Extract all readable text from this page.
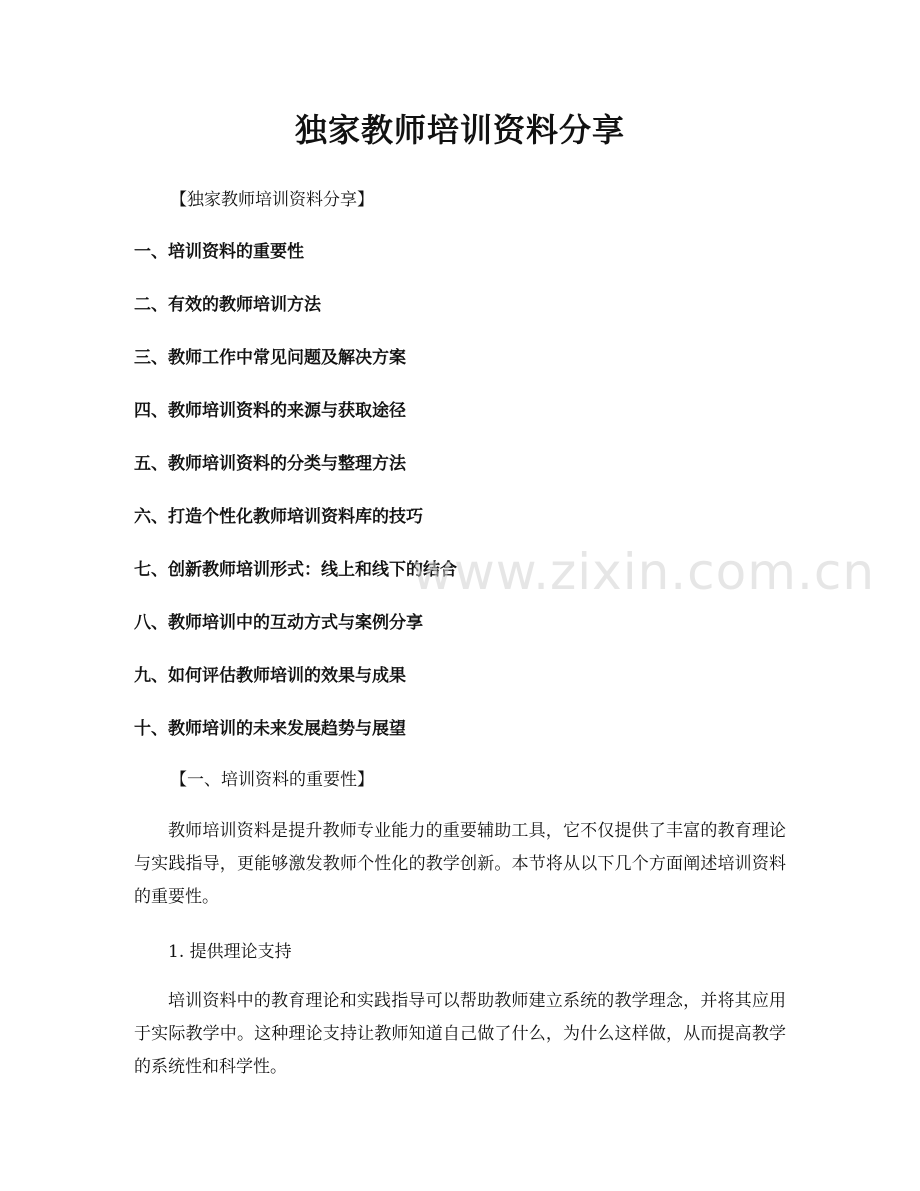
独家教师培训资料分享
【独家教师培训资料分享】
一、培训资料的重要性
二、有效的教师培训方法
三、教师工作中常见问题及解决方案
四、教师培训资料的来源与获取途径
五、教师培训资料的分类与整理方法
六、打造个性化教师培训资料库的技巧
七、创新教师培训形式：线上和线下的结合
八、教师培训中的互动方式与案例分享
九、如何评估教师培训的效果与成果
十、教师培训的未来发展趋势与展望
【一、培训资料的重要性】

教师培训资料是提升教师专业能力的重要辅助工具，它不仅提供了丰富的教育理论与实践指导，更能够激发教师个性化的教学创新。本节将从以下几个方面阐述培训资料的重要性。

1. 提供理论支持

培训资料中的教育理论和实践指导可以帮助教师建立系统的教学理念，并将其应用于实际教学中。这种理论支持让教师知道自己做了什么，为什么这样做，从而提高教学的系统性和科学性。

www.zixin.com.cn
